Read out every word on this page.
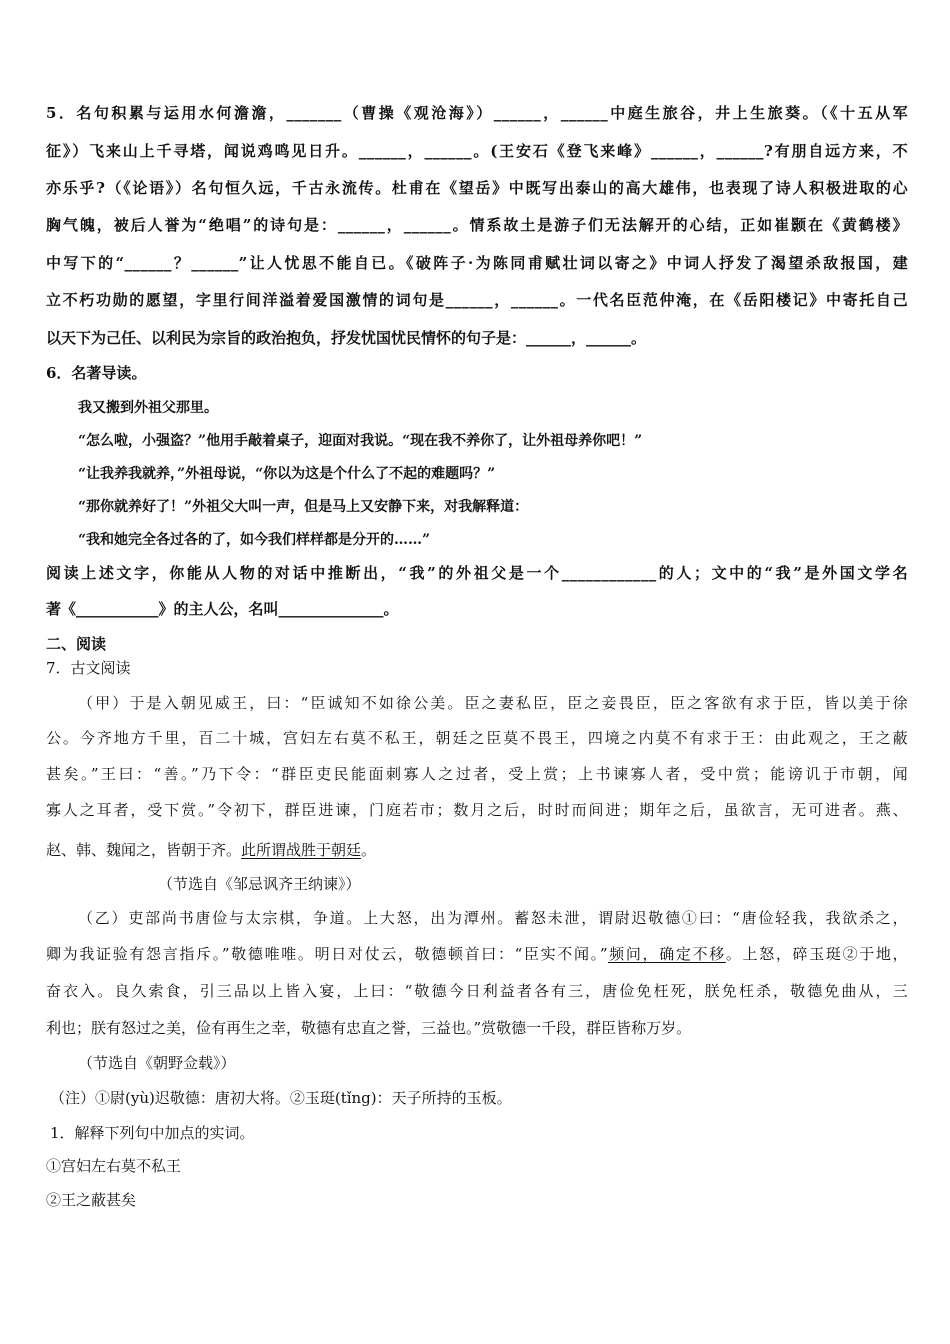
5．名句积累与运用水何澹澹，_______（曹操《观沧海》）______，______中庭生旅谷，井上生旅葵。（《十五从军
征》）飞来山上千寻塔，闻说鸡鸣见日升。______，______。(王安石《登飞来峰》______，______?有朋自远方来，不
亦乐乎?（《论语》）名句恒久远，千古永流传。杜甫在《望岳》中既写出泰山的高大雄伟，也表现了诗人积极进取的心
胸气魄，被后人誉为“绝唱”的诗句是：______，______。情系故土是游子们无法解开的心结，正如崔颢在《黄鹤楼》
中写下的“______？______”让人忧思不能自已。《破阵子·为陈同甫赋壮词以寄之》中词人抒发了渴望杀敌报国，建
立不朽功勋的愿望，字里行间洋溢着爱国激情的词句是______，______。一代名臣范仲淹，在《岳阳楼记》中寄托自己
以天下为己任、以利民为宗旨的政治抱负，抒发忧国忧民情怀的句子是：______，______。
6．名著导读。
我又搬到外祖父那里。
“怎么啦，小强盗？”他用手敲着桌子，迎面对我说。“现在我不养你了，让外祖母养你吧！”
“让我养我就养，”外祖母说，“你以为这是个什么了不起的难题吗？”
“那你就养好了！”外祖父大叫一声，但是马上又安静下来，对我解释道：
“我和她完全各过各的了，如今我们样样都是分开的……”
阅读上述文字，你能从人物的对话中推断出，“我”的外祖父是一个____________的人；文中的“我”是外国文学名
著《___________》的主人公，名叫______________。
二、阅读
7．古文阅读
（甲）于是入朝见威王，曰：“臣诚知不如徐公美。臣之妻私臣，臣之妾畏臣，臣之客欲有求于臣，皆以美于徐
公。今齐地方千里，百二十城，宫妇左右莫不私王，朝廷之臣莫不畏王，四境之内莫不有求于王：由此观之，王之蔽
甚矣。”王曰：“善。”乃下令：“群臣吏民能面刺寡人之过者，受上赏；上书谏寡人者，受中赏；能谤讥于市朝，闻
寡人之耳者，受下赏。”令初下，群臣进谏，门庭若市；数月之后，时时而间进；期年之后，虽欲言，无可进者。燕、
赵、韩、魏闻之，皆朝于齐。此所谓战胜于朝廷。
（节选自《邹忌讽齐王纳谏》）
（乙）吏部尚书唐俭与太宗棋，争道。上大怒，出为潭州。蓄怒未泄，谓尉迟敬德①曰：“唐俭轻我，我欲杀之，
卿为我证验有怨言指斥。”敬德唯唯。明日对仗云，敬德顿首曰：“臣实不闻。”频问，确定不移。上怒，碎玉珽②于地，
奋衣入。良久索食，引三品以上皆入宴，上曰：“敬德今日利益者各有三，唐俭免枉死，朕免枉杀，敬德免曲从，三
利也；朕有怒过之美，俭有再生之幸，敬德有忠直之誉，三益也。”赏敬德一千段，群臣皆称万岁。
（节选自《朝野佥载》）
（注）①尉(yù)迟敬德：唐初大将。②玉珽(tǐng)：天子所持的玉板。
1．解释下列句中加点的实词。
①宫妇左右莫不私王
②王之蔽甚矣
